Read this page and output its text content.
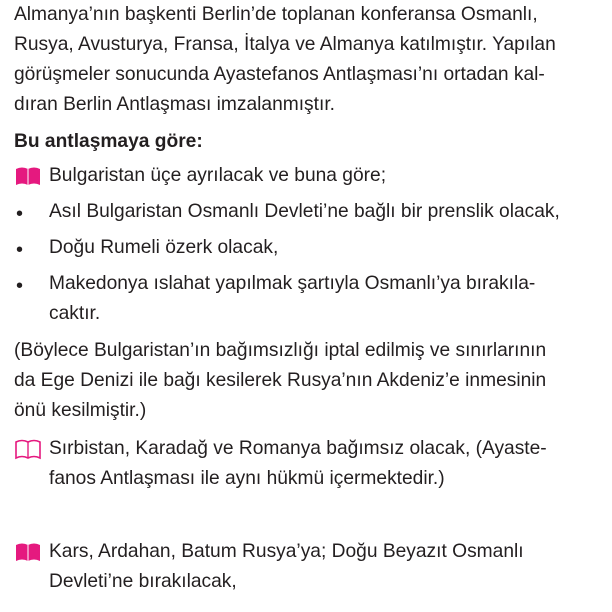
Almanya’nın başkenti Berlin’de toplanan konferansa Osmanlı,
Rusya, Avusturya, Fransa, İtalya ve Almanya katılmıştır. Yapılan
görüşmeler sonucunda Ayastefanos Antlaşması’nı ortadan kal-
dıran Berlin Antlaşması imzalanmıştır.
Bu antlaşmaya göre:
Bulgaristan üçe ayrılacak ve buna göre;
• Asıl Bulgaristan Osmanlı Devleti’ne bağlı bir prenslik olacak,
• Doğu Rumeli özerk olacak,
• Makedonya ıslahat yapılmak şartıyla Osmanlı’ya bırakıla-
caktır.
(Böylece Bulgaristan’ın bağımsızlığı iptal edilmiş ve sınırlarının
da Ege Denizi ile bağı kesilerek Rusya’nın Akdeniz’e inmesinin
önü kesilmiştir.)
Sırbistan, Karadağ ve Romanya bağımsız olacak, (Ayaste-
fanos Antlaşması ile aynı hükmü içermektedir.)
Kars, Ardahan, Batum Rusya’ya; Doğu Beyazıt Osmanlı
Devleti’ne bırakılacak,
